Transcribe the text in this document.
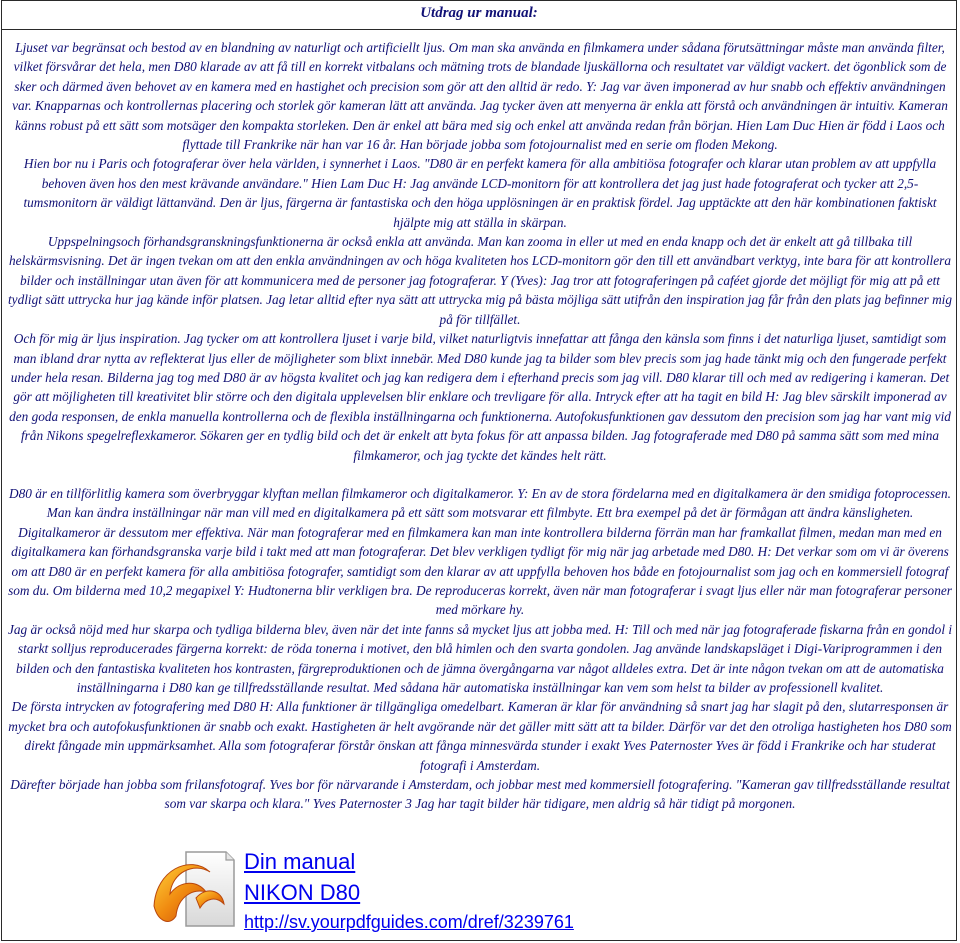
Utdrag ur manual:

Ljuset var begränsat och bestod av en blandning av naturligt och artificiellt ljus. Om man ska använda en filmkamera under sådana förutsättningar måste man använda filter, vilket försvårar det hela, men D80 klarade av att få till en korrekt vitbalans och mätning trots de blandade ljuskällorna och resultatet var väldigt vackert. det ögonblick som de sker och därmed även behovet av en kamera med en hastighet och precision som gör att den alltid är redo. Y: Jag var även imponerad av hur snabb och effektiv användningen var. Knapparnas och kontrollernas placering och storlek gör kameran lätt att använda. Jag tycker även att menyerna är enkla att förstå och användningen är intuitiv. Kameran känns robust på ett sätt som motsäger den kompakta storleken. Den är enkel att bära med sig och enkel att använda redan från början. Hien Lam Duc Hien är född i Laos och flyttade till Frankrike när han var 16 år. Han började jobba som fotojournalist med en serie om floden Mekong.

Hien bor nu i Paris och fotograferar över hela världen, i synnerhet i Laos. "D80 är en perfekt kamera för alla ambitiösa fotografer och klarar utan problem av att uppfylla behoven även hos den mest krävande användare." Hien Lam Duc H: Jag använde LCD-monitorn för att kontrollera det jag just hade fotograferat och tycker att 2,5-tumsmonitorn är väldigt lättanvänd. Den är ljus, färgerna är fantastiska och den höga upplösningen är en praktisk fördel. Jag upptäckte att den här kombinationen faktiskt hjälpte mig att ställa in skärpan.

Uppspelningsoch förhandsgranskningsfunktionerna är också enkla att använda. Man kan zooma in eller ut med en enda knapp och det är enkelt att gå tillbaka till helskärmsvisning. Det är ingen tvekan om att den enkla användningen av och höga kvaliteten hos LCD-monitorn gör den till ett användbart verktyg, inte bara för att kontrollera bilder och inställningar utan även för att kommunicera med de personer jag fotograferar. Y (Yves): Jag tror att fotograferingen på caféet gjorde det möjligt för mig att på ett tydligt sätt uttrycka hur jag kände inför platsen. Jag letar alltid efter nya sätt att uttrycka mig på bästa möjliga sätt utifrån den inspiration jag får från den plats jag befinner mig på för tillfället.

Och för mig är ljus inspiration. Jag tycker om att kontrollera ljuset i varje bild, vilket naturligtvis innefattar att fånga den känsla som finns i det naturliga ljuset, samtidigt som man ibland drar nytta av reflekterat ljus eller de möjligheter som blixt innebär. Med D80 kunde jag ta bilder som blev precis som jag hade tänkt mig och den fungerade perfekt under hela resan. Bilderna jag tog med D80 är av högsta kvalitet och jag kan redigera dem i efterhand precis som jag vill. D80 klarar till och med av redigering i kameran. Det gör att möjligheten till kreativitet blir större och den digitala upplevelsen blir enklare och trevligare för alla. Intryck efter att ha tagit en bild H: Jag blev särskilt imponerad av den goda responsen, de enkla manuella kontrollerna och de flexibla inställningarna och funktionerna. Autofokusfunktionen gav dessutom den precision som jag har vant mig vid från Nikons spegelreflexkameror. Sökaren ger en tydlig bild och det är enkelt att byta fokus för att anpassa bilden. Jag fotograferade med D80 på samma sätt som med mina filmkameror, och jag tyckte det kändes helt rätt.

D80 är en tillförlitlig kamera som överbryggar klyftan mellan filmkameror och digitalkameror. Y: En av de stora fördelarna med en digitalkamera är den smidiga fotoprocessen. Man kan ändra inställningar när man vill med en digitalkamera på ett sätt som motsvarar ett filmbyte. Ett bra exempel på det är förmågan att ändra känsligheten. Digitalkameror är dessutom mer effektiva. När man fotograferar med en filmkamera kan man inte kontrollera bilderna förrän man har framkallat filmen, medan man med en digitalkamera kan förhandsgranska varje bild i takt med att man fotograferar. Det blev verkligen tydligt för mig när jag arbetade med D80. H: Det verkar som om vi är överens om att D80 är en perfekt kamera för alla ambitiösa fotografer, samtidigt som den klarar av att uppfylla behoven hos både en fotojournalist som jag och en kommersiell fotograf som du. Om bilderna med 10,2 megapixel Y: Hudtonerna blir verkligen bra. De reproduceras korrekt, även när man fotograferar i svagt ljus eller när man fotograferar personer med mörkare hy.

Jag är också nöjd med hur skarpa och tydliga bilderna blev, även när det inte fanns så mycket ljus att jobba med. H: Till och med när jag fotograferade fiskarna från en gondol i starkt solljus reproducerades färgerna korrekt: de röda tonerna i motivet, den blå himlen och den svarta gondolen. Jag använde landskapsläget i Digi-Variprogrammen i den bilden och den fantastiska kvaliteten hos kontrasten, färgreproduktionen och de jämna övergångarna var något alldeles extra. Det är inte någon tvekan om att de automatiska inställningarna i D80 kan ge tillfredsställande resultat. Med sådana här automatiska inställningar kan vem som helst ta bilder av professionell kvalitet.

De första intrycken av fotografering med D80 H: Alla funktioner är tillgängliga omedelbart. Kameran är klar för användning så snart jag har slagit på den, slutarresponsen är mycket bra och autofokusfunktionen är snabb och exakt. Hastigheten är helt avgörande när det gäller mitt sätt att ta bilder. Därför var det den otroliga hastigheten hos D80 som direkt fångade min uppmärksamhet. Alla som fotograferar förstår önskan att fånga minnesvärda stunder i exakt Yves Paternoster Yves är född i Frankrike och har studerat fotografi i Amsterdam.

Därefter började han jobba som frilansfotograf. Yves bor för närvarande i Amsterdam, och jobbar mest med kommersiell fotografering. "Kameran gav tillfredsställande resultat som var skarpa och klara." Yves Paternoster 3 Jag har tagit bilder här tidigare, men aldrig så här tidigt på morgonen.

Din manual
NIKON D80
http://sv.yourpdfguides.com/dref/3239761
